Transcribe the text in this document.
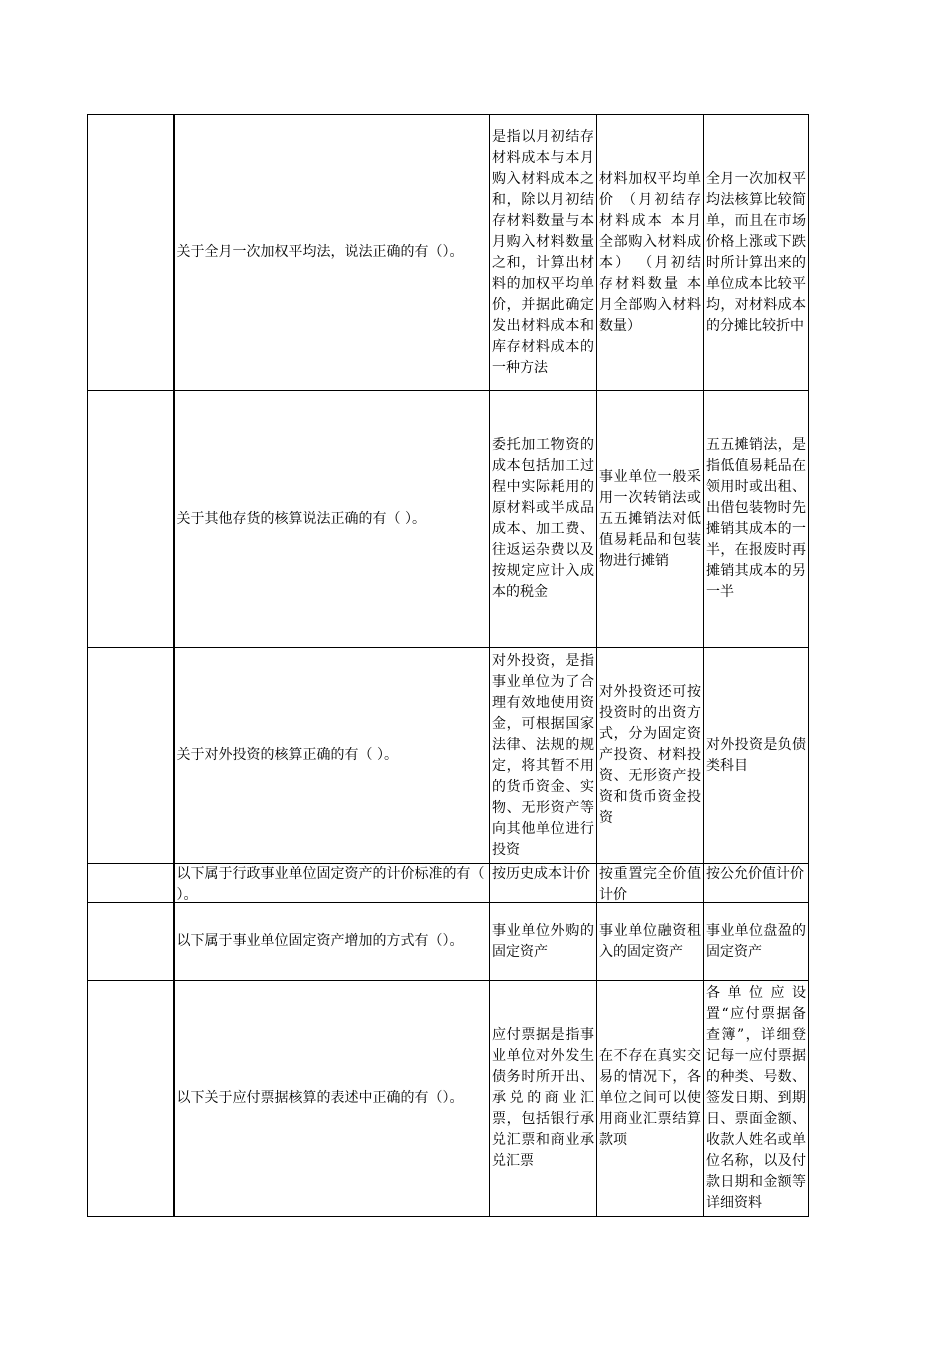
	关于全月一次加权平均法，说法正确的有（）。	是指以月初结存材料成本与本月购入材料成本之和，除以月初结存材料数量与本月购入材料数量之和，计算出材料的加权平均单价，并据此确定发出材料成本和库存材料成本的一种方法	材料加权平均单价 （月初结存材料成本 本月全部购入材料成本） （月初结存材料数量 本月全部购入材料数量）	全月一次加权平均法核算比较简单，而且在市场价格上涨或下跌时所计算出来的单位成本比较平均，对材料成本的分摊比较折中

	关于其他存货的核算说法正确的有（ ）。	委托加工物资的成本包括加工过程中实际耗用的原材料或半成品成本、加工费、往返运杂费以及按规定应计入成本的税金	事业单位一般采用一次转销法或五五摊销法对低值易耗品和包装物进行摊销	五五摊销法，是指低值易耗品在领用时或出租、出借包装物时先摊销其成本的一半，在报废时再摊销其成本的另一半

	关于对外投资的核算正确的有（ ）。	对外投资，是指事业单位为了合理有效地使用资金，可根据国家法律、法规的规定，将其暂不用的货币资金、实物、无形资产等向其他单位进行投资	对外投资还可按投资时的出资方式，分为固定资产投资、材料投资、无形资产投资和货币资金投资	对外投资是负债类科目

	以下属于行政事业单位固定资产的计价标准的有（ ）。	按历史成本计价	按重置完全价值计价	按公允价值计价

	以下属于事业单位固定资产增加的方式有（）。	事业单位外购的固定资产	事业单位融资租入的固定资产	事业单位盘盈的固定资产

	以下关于应付票据核算的表述中正确的有（）。	应付票据是指事业单位对外发生债务时所开出、承兑的商业汇票，包括银行承兑汇票和商业承兑汇票	在不存在真实交易的情况下，各单位之间可以使用商业汇票结算款项	各单位应设置“应付票据备查簿”，详细登记每一应付票据的种类、号数、签发日期、到期日、票面金额、收款人姓名或单位名称，以及付款日期和金额等详细资料
